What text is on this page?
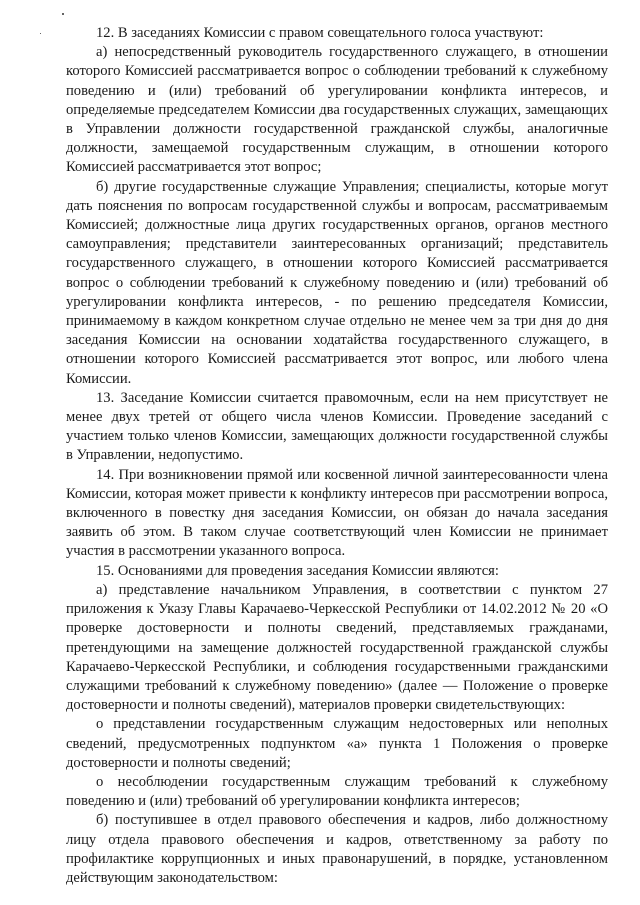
12. В заседаниях Комиссии с правом совещательного голоса участвуют:

а) непосредственный руководитель государственного служащего, в отношении которого Комиссией рассматривается вопрос о соблюдении требований к служебному поведению и (или) требований об урегулировании конфликта интересов, и определяемые председателем Комиссии два государственных служащих, замещающих в Управлении должности государственной гражданской службы, аналогичные должности, замещаемой государственным служащим, в отношении которого Комиссией рассматривается этот вопрос;

б) другие государственные служащие Управления; специалисты, которые могут дать пояснения по вопросам государственной службы и вопросам, рассматриваемым Комиссией; должностные лица других государственных органов, органов местного самоуправления; представители заинтересованных организаций; представитель государственного служащего, в отношении которого Комиссией рассматривается вопрос о соблюдении требований к служебному поведению и (или) требований об урегулировании конфликта интересов, - по решению председателя Комиссии, принимаемому в каждом конкретном случае отдельно не менее чем за три дня до дня заседания Комиссии на основании ходатайства государственного служащего, в отношении которого Комиссией рассматривается этот вопрос, или любого члена Комиссии.

13. Заседание Комиссии считается правомочным, если на нем присутствует не менее двух третей от общего числа членов Комиссии. Проведение заседаний с участием только членов Комиссии, замещающих должности государственной службы в Управлении, недопустимо.

14. При возникновении прямой или косвенной личной заинтересованности члена Комиссии, которая может привести к конфликту интересов при рассмотрении вопроса, включенного в повестку дня заседания Комиссии, он обязан до начала заседания заявить об этом. В таком случае соответствующий член Комиссии не принимает участия в рассмотрении указанного вопроса.

15. Основаниями для проведения заседания Комиссии являются:

а) представление начальником Управления, в соответствии с пунктом 27 приложения к Указу Главы Карачаево-Черкесской Республики от 14.02.2012 № 20 «О проверке достоверности и полноты сведений, представляемых гражданами, претендующими на замещение должностей государственной гражданской службы Карачаево-Черкесской Республики, и соблюдения государственными гражданскими служащими требований к служебному поведению» (далее — Положение о проверке достоверности и полноты сведений), материалов проверки свидетельствующих:

о представлении государственным служащим недостоверных или неполных сведений, предусмотренных подпунктом «а» пункта 1 Положения о проверке достоверности и полноты сведений;

о несоблюдении государственным служащим требований к служебному поведению и (или) требований об урегулировании конфликта интересов;

б) поступившее в отдел правового обеспечения и кадров, либо должностному лицу отдела правового обеспечения и кадров, ответственному за работу по профилактике коррупционных и иных правонарушений, в порядке, установленном действующим законодательством:
